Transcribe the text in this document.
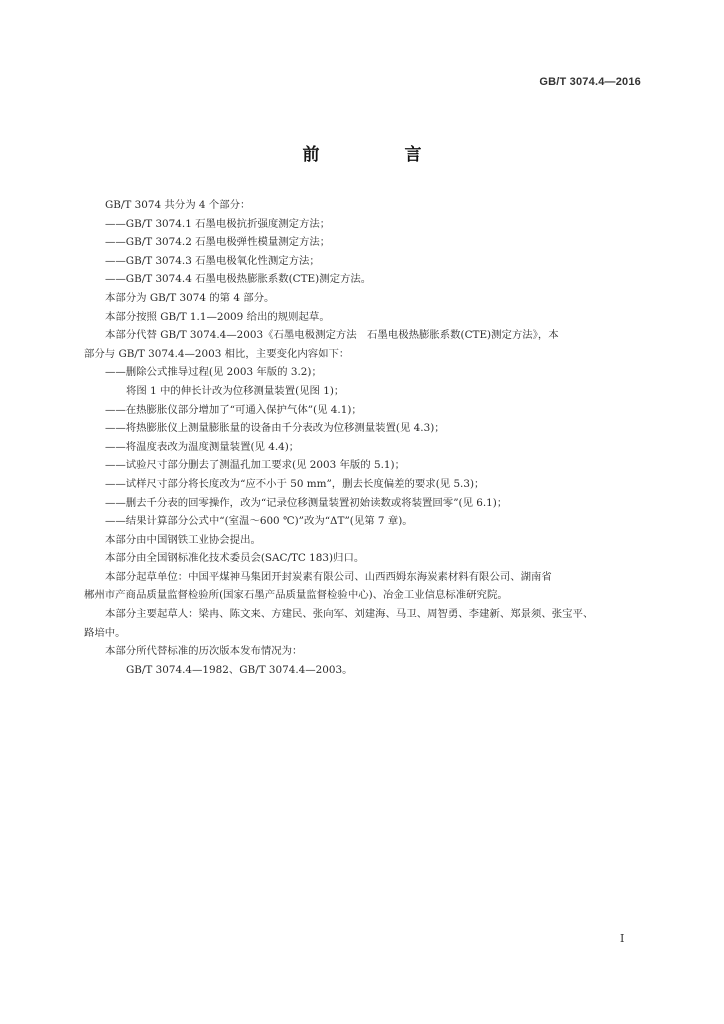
GB/T 3074.4—2016
前　言
GB/T 3074 共分为 4 个部分：
——GB/T 3074.1 石墨电极抗折强度测定方法；
——GB/T 3074.2 石墨电极弹性模量测定方法；
——GB/T 3074.3 石墨电极氧化性测定方法；
——GB/T 3074.4 石墨电极热膨胀系数(CTE)测定方法。
本部分为 GB/T 3074 的第 4 部分。
本部分按照 GB/T 1.1—2009 给出的规则起草。
本部分代替 GB/T 3074.4—2003《石墨电极测定方法　石墨电极热膨胀系数(CTE)测定方法》，本
部分与 GB/T 3074.4—2003 相比，主要变化内容如下：
——删除公式推导过程(见 2003 年版的 3.2)；
将图 1 中的伸长计改为位移测量装置(见图 1)；
——在热膨胀仪部分增加了“可通入保护气体”(见 4.1)；
——将热膨胀仪上测量膨胀量的设备由千分表改为位移测量装置(见 4.3)；
——将温度表改为温度测量装置(见 4.4)；
——试验尺寸部分删去了测温孔加工要求(见 2003 年版的 5.1)；
——试样尺寸部分将长度改为“应不小于 50 mm”，删去长度偏差的要求(见 5.3)；
——删去千分表的回零操作，改为“记录位移测量装置初始读数或将装置回零”(见 6.1)；
——结果计算部分公式中“(室温～600 ℃)”改为“ΔT”(见第 7 章)。
本部分由中国钢铁工业协会提出。
本部分由全国钢标准化技术委员会(SAC/TC 183)归口。
本部分起草单位：中国平煤神马集团开封炭素有限公司、山西西姆东海炭素材料有限公司、湖南省
郴州市产商品质量监督检验所(国家石墨产品质量监督检验中心)、冶金工业信息标准研究院。
本部分主要起草人：梁冉、陈文来、方建民、张向军、刘建海、马卫、周智勇、李建新、郑景须、张宝平、
路培中。
本部分所代替标准的历次版本发布情况为：
GB/T 3074.4—1982、GB/T 3074.4—2003。
I
